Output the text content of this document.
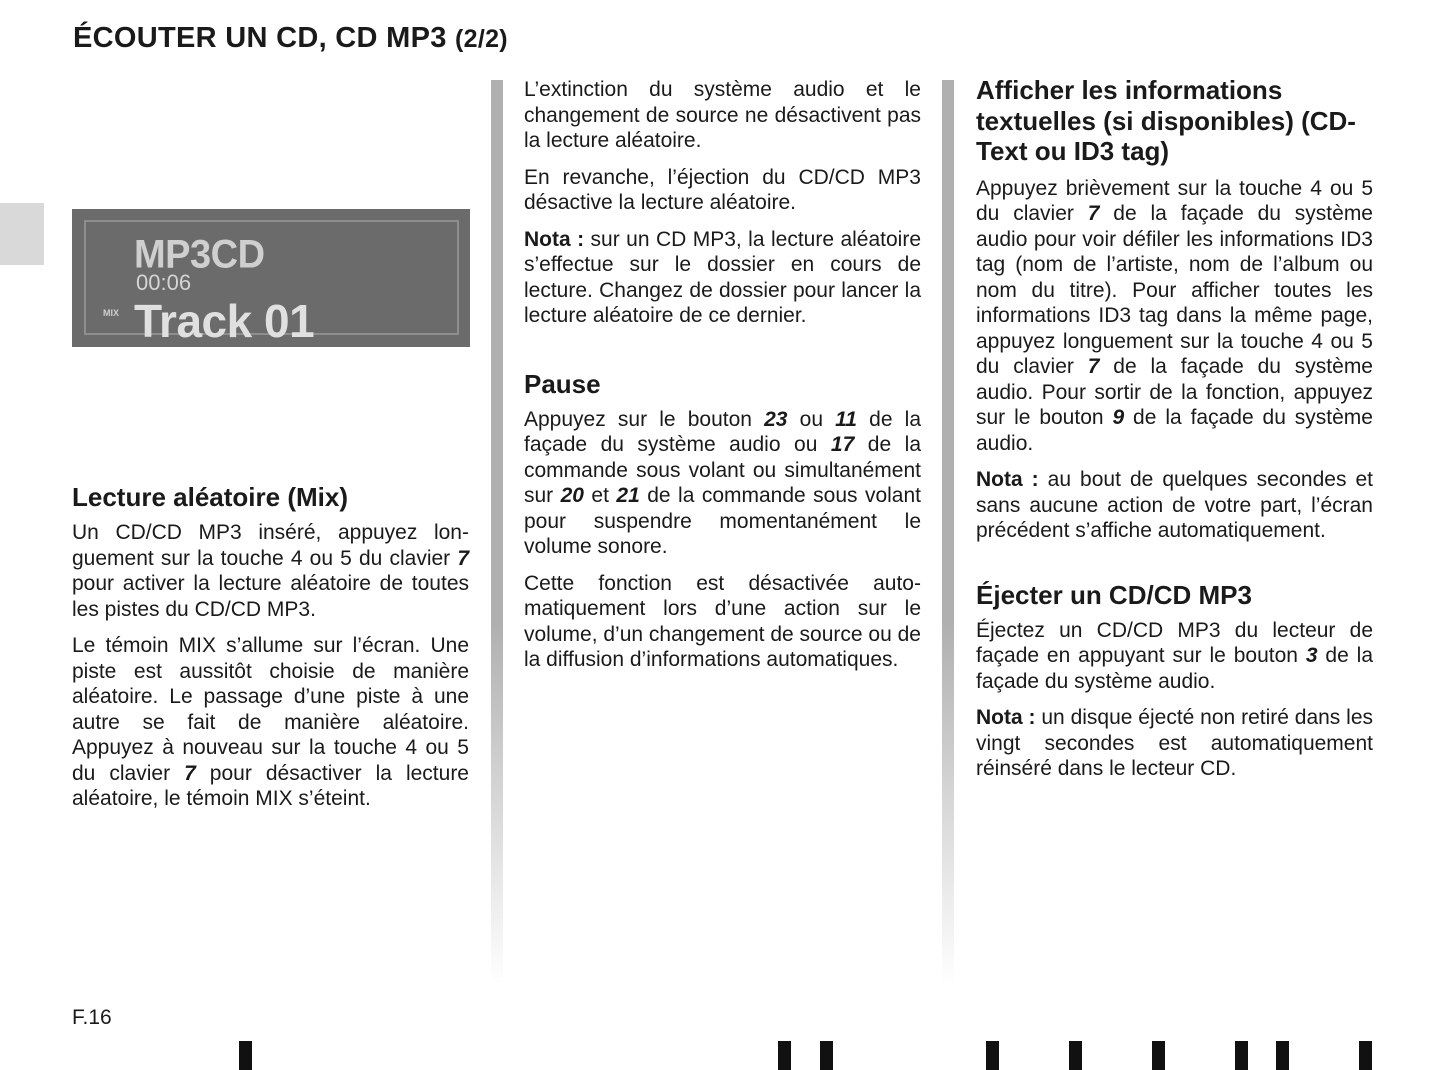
ÉCOUTER UN CD, CD MP3 (2/2)
MP3CD
00:06
MIX Track 01
Lecture aléatoire (Mix)

Un CD/CD MP3 inséré, appuyez longuement sur la touche 4 ou 5 du clavier 7 pour activer la lecture aléatoire de toutes les pistes du CD/CD MP3.

Le témoin MIX s’allume sur l’écran. Une piste est aussitôt choisie de manière aléatoire. Le passage d’une piste à une autre se fait de manière aléatoire. Appuyez à nouveau sur la touche 4 ou 5 du clavier 7 pour désactiver la lecture aléatoire, le témoin MIX s’éteint.

L’extinction du système audio et le changement de source ne désactivent pas la lecture aléatoire.

En revanche, l’éjection du CD/CD MP3 désactive la lecture aléatoire.

Nota : sur un CD MP3, la lecture aléatoire s’effectue sur le dossier en cours de lecture. Changez de dossier pour lancer la lecture aléatoire de ce dernier.

Pause

Appuyez sur le bouton 23 ou 11 de la façade du système audio ou 17 de la commande sous volant ou simultanément sur 20 et 21 de la commande sous volant pour suspendre momentanément le volume sonore.

Cette fonction est désactivée automatiquement lors d’une action sur le volume, d’un changement de source ou de la diffusion d’informations automatiques.

Afficher les informations textuelles (si disponibles) (CD-Text ou ID3 tag)

Appuyez brièvement sur la touche 4 ou 5 du clavier 7 de la façade du système audio pour voir défiler les informations ID3 tag (nom de l’artiste, nom de l’album ou nom du titre). Pour afficher toutes les informations ID3 tag dans la même page, appuyez longuement sur la touche 4 ou 5 du clavier 7 de la façade du système audio. Pour sortir de la fonction, appuyez sur le bouton 9 de la façade du système audio.

Nota : au bout de quelques secondes et sans aucune action de votre part, l’écran précédent s’affiche automatiquement.

Éjecter un CD/CD MP3

Éjectez un CD/CD MP3 du lecteur de façade en appuyant sur le bouton 3 de la façade du système audio.

Nota : un disque éjecté non retiré dans les vingt secondes est automatiquement réinséré dans le lecteur CD.

F.16
